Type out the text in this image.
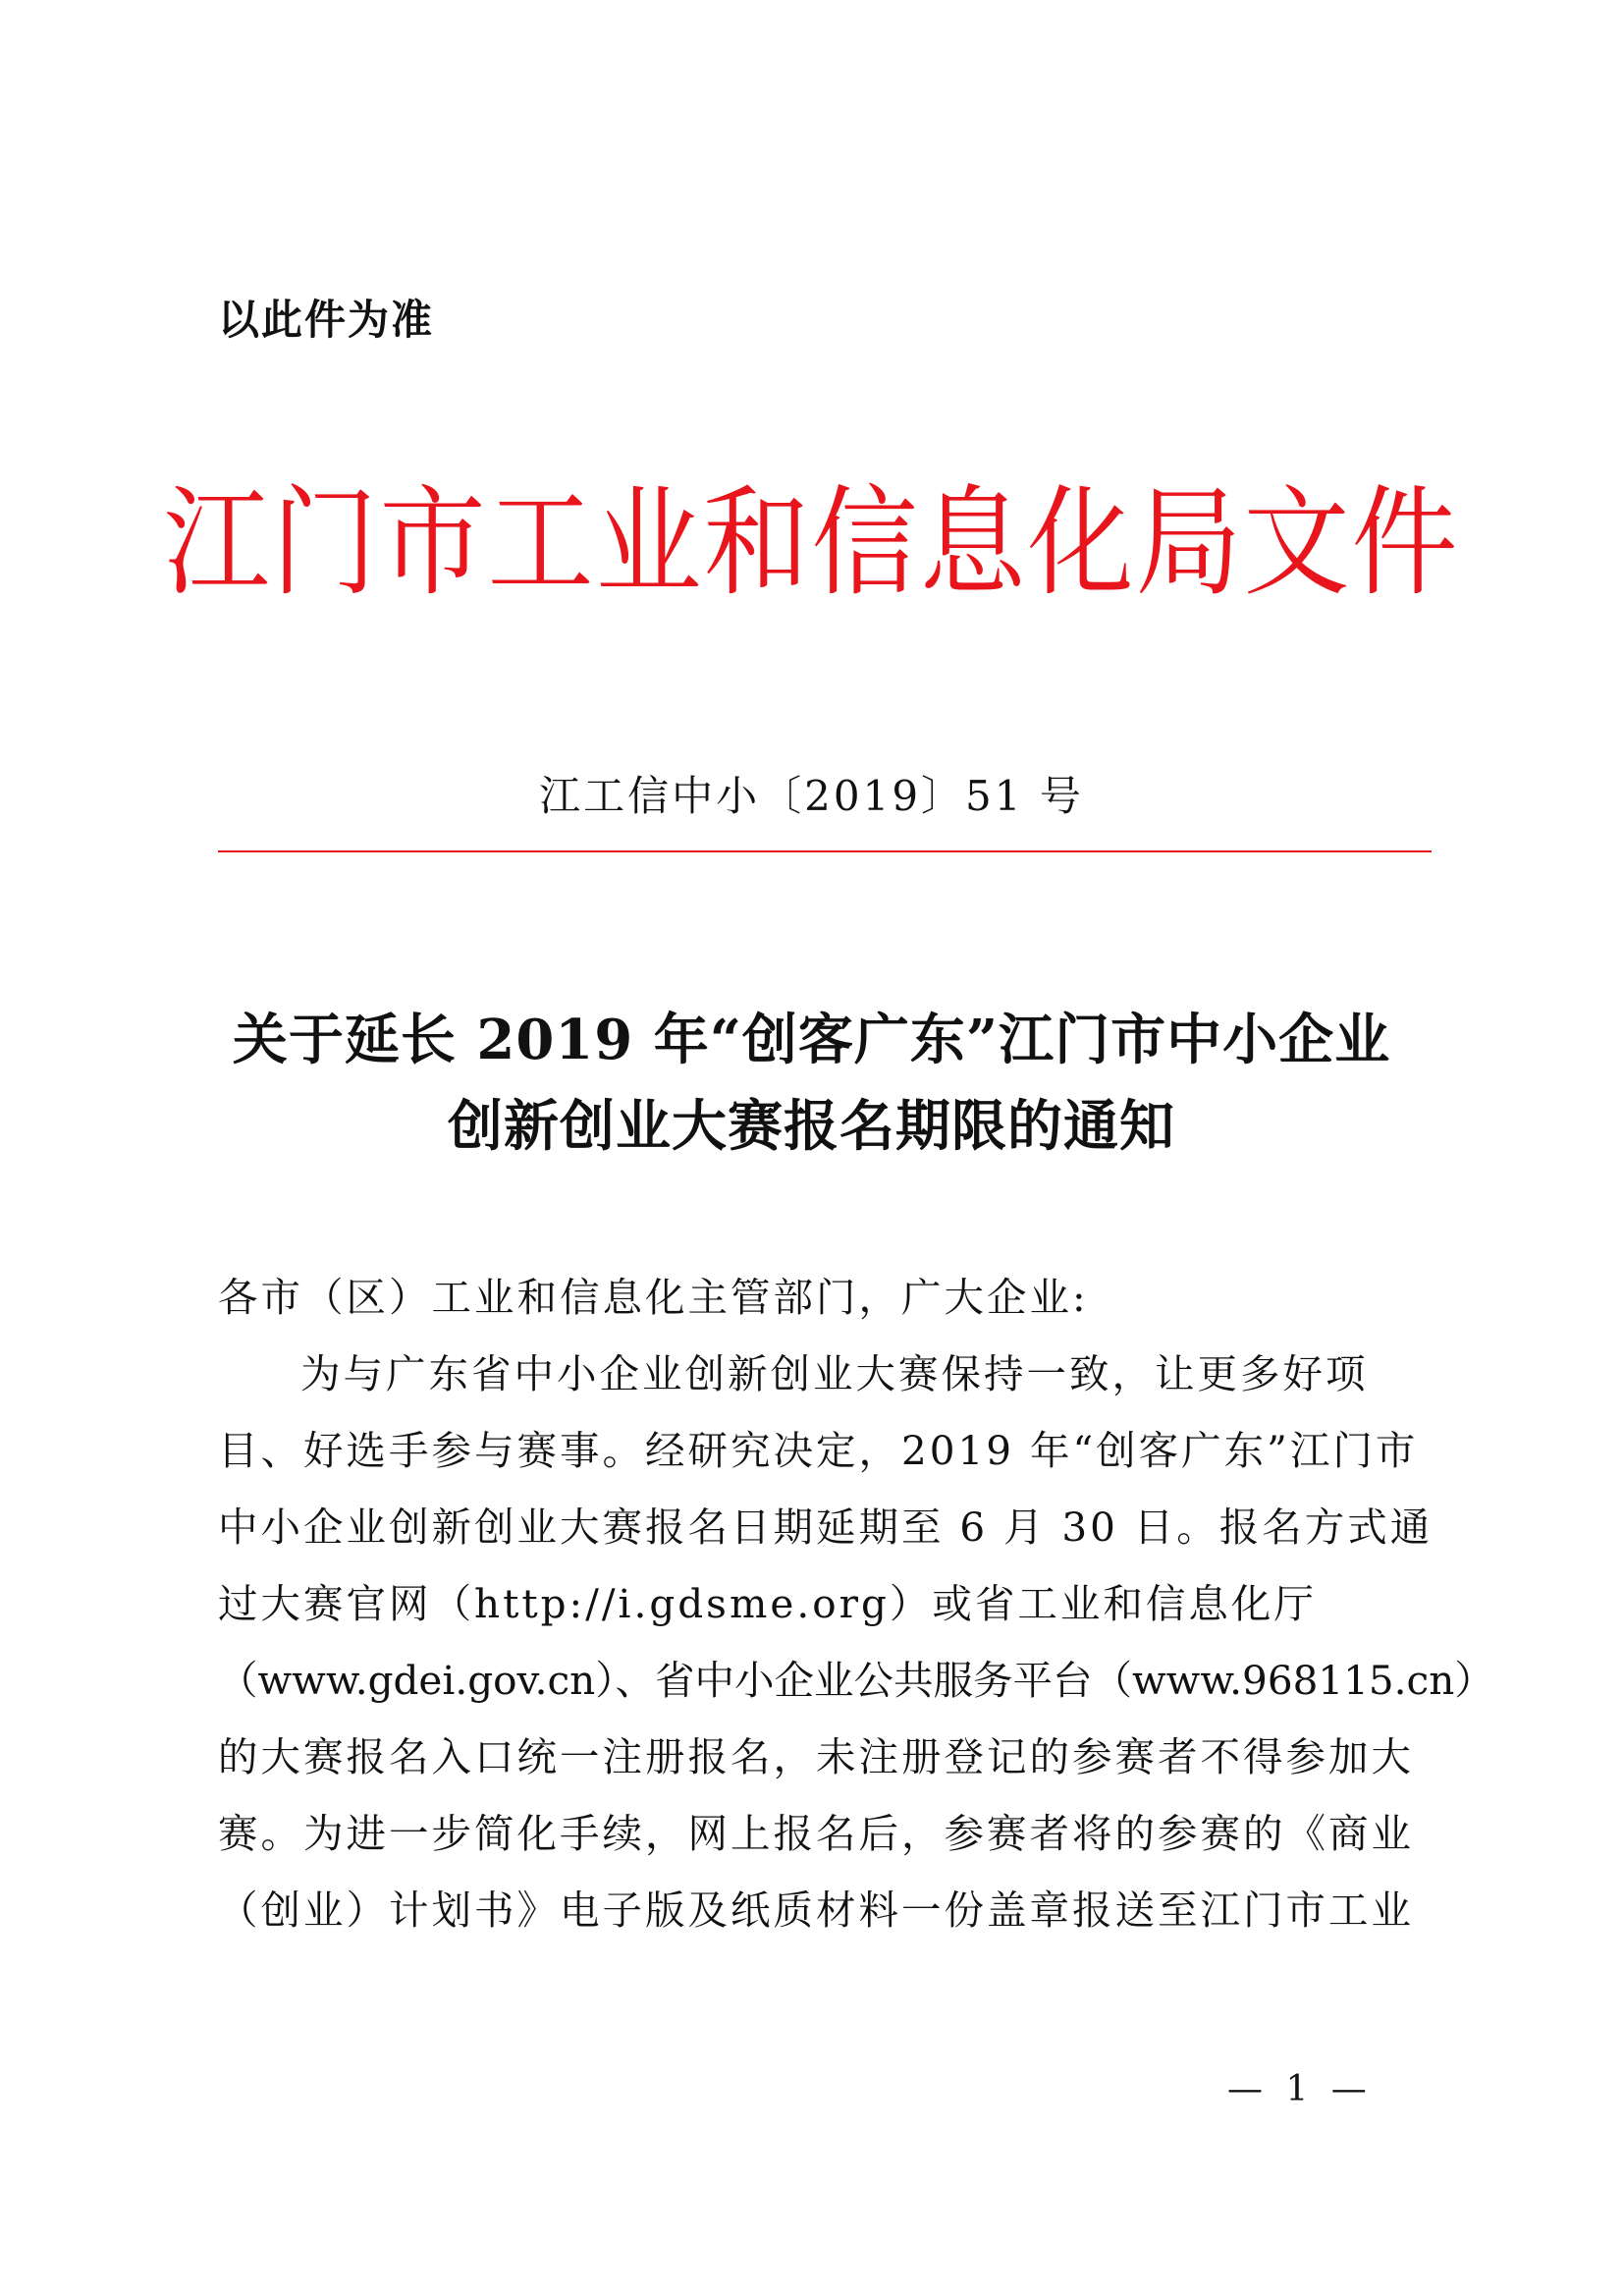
以此件为准
江门市工业和信息化局文件
江工信中小〔2019〕51 号
关于延长 2019 年“创客广东”江门市中小企业
创新创业大赛报名期限的通知
各市（区）工业和信息化主管部门，广大企业:
为与广东省中小企业创新创业大赛保持一致，让更多好项
目、好选手参与赛事。经研究决定，2019 年“创客广东”江门市
中小企业创新创业大赛报名日期延期至 6 月 30 日。报名方式通
过大赛官网（http://i.gdsme.org）或省工业和信息化厅
（www.gdei.gov.cn）、省中小企业公共服务平台（www.968115.cn）
的大赛报名入口统一注册报名，未注册登记的参赛者不得参加大
赛。为进一步简化手续，网上报名后，参赛者将的参赛的《商业
（创业）计划书》电子版及纸质材料一份盖章报送至江门市工业
— 1 —
